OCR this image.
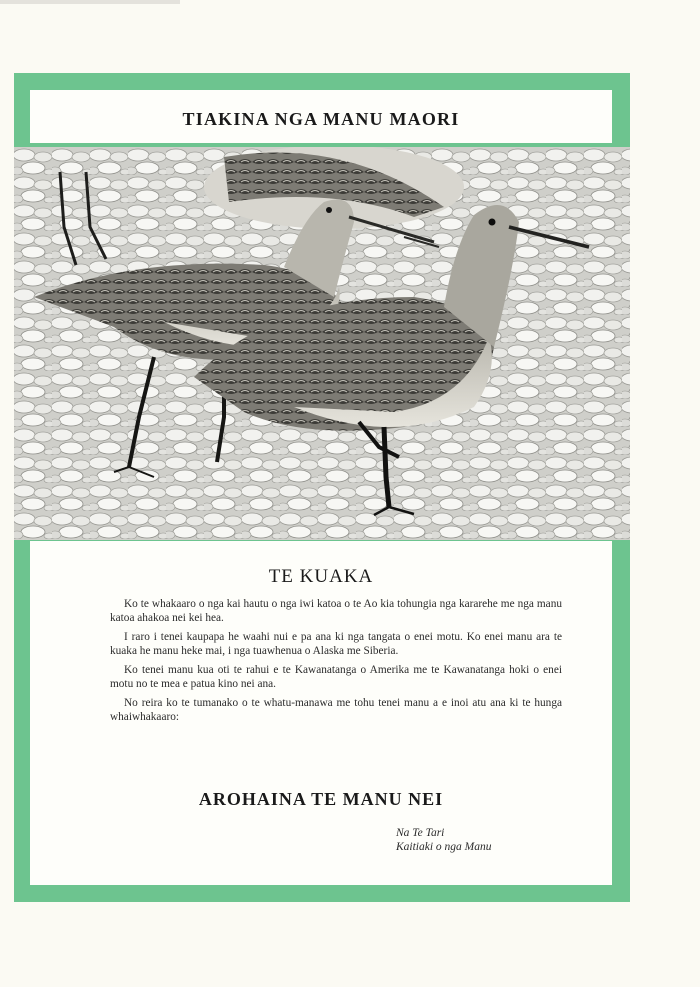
TIAKINA NGA MANU MAORI
TE KUAKA

Ko te whakaaro o nga kai hautu o nga iwi katoa o te Ao kia tohungia nga kararehe me nga manu katoa ahakoa nei kei hea.

I raro i tenei kaupapa he waahi nui e pa ana ki nga tangata o enei motu. Ko enei manu ara te kuaka he manu heke mai, i nga tuawhenua o Alaska me Siberia.

Ko tenei manu kua oti te rahui e te Kawanatanga o Amerika me te Kawanatanga hoki o enei motu no te mea e patua kino nei ana.

No reira ko te tumanako o te whatu-manawa me tohu tenei manu a e inoi atu ana ki te hunga whaiwhakaaro:

AROHAINA TE MANU NEI
Na Te Tari
Kaitiaki o nga Manu
